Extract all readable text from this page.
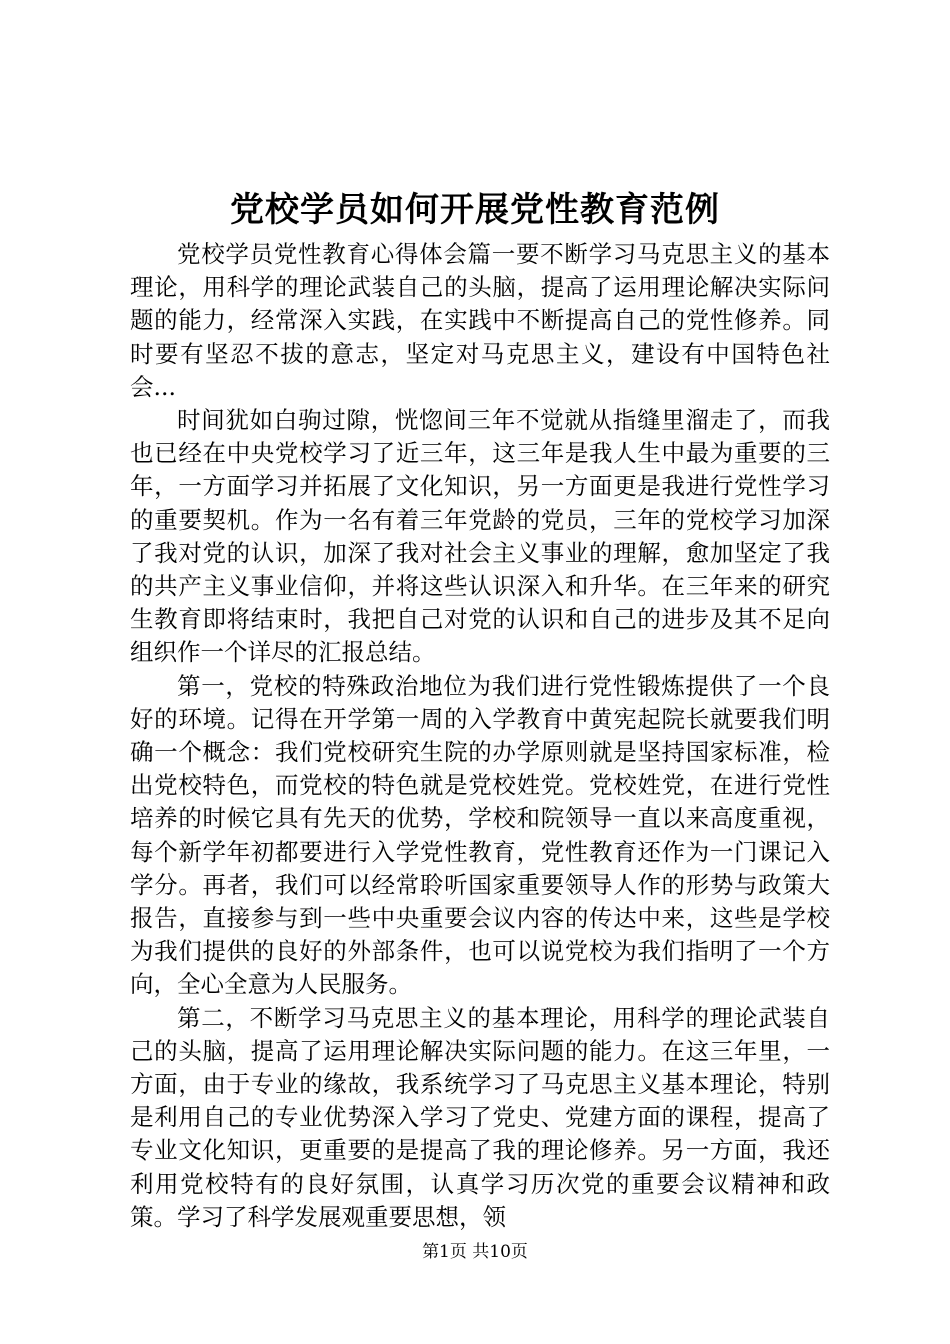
党校学员如何开展党性教育范例

党校学员党性教育心得体会篇一要不断学习马克思主义的基本理论，用科学的理论武装自己的头脑，提高了运用理论解决实际问题的能力，经常深入实践，在实践中不断提高自己的党性修养。同时要有坚忍不拔的意志，坚定对马克思主义，建设有中国特色社会...

时间犹如白驹过隙，恍惚间三年不觉就从指缝里溜走了，而我也已经在中央党校学习了近三年，这三年是我人生中最为重要的三年，一方面学习并拓展了文化知识，另一方面更是我进行党性学习的重要契机。作为一名有着三年党龄的党员，三年的党校学习加深了我对党的认识，加深了我对社会主义事业的理解，愈加坚定了我的共产主义事业信仰，并将这些认识深入和升华。在三年来的研究生教育即将结束时，我把自己对党的认识和自己的进步及其不足向组织作一个详尽的汇报总结。

第一，党校的特殊政治地位为我们进行党性锻炼提供了一个良好的环境。记得在开学第一周的入学教育中黄宪起院长就要我们明确一个概念：我们党校研究生院的办学原则就是坚持国家标准，检出党校特色，而党校的特色就是党校姓党。党校姓党，在进行党性培养的时候它具有先天的优势，学校和院领导一直以来高度重视，每个新学年初都要进行入学党性教育，党性教育还作为一门课记入学分。再者，我们可以经常聆听国家重要领导人作的形势与政策大报告，直接参与到一些中央重要会议内容的传达中来，这些是学校为我们提供的良好的外部条件，也可以说党校为我们指明了一个方向，全心全意为人民服务。

第二，不断学习马克思主义的基本理论，用科学的理论武装自己的头脑，提高了运用理论解决实际问题的能力。在这三年里，一方面，由于专业的缘故，我系统学习了马克思主义基本理论，特别是利用自己的专业优势深入学习了党史、党建方面的课程，提高了专业文化知识，更重要的是提高了我的理论修养。另一方面，我还利用党校特有的良好氛围，认真学习历次党的重要会议精神和政策。学习了科学发展观重要思想，领

第1页 共10页
